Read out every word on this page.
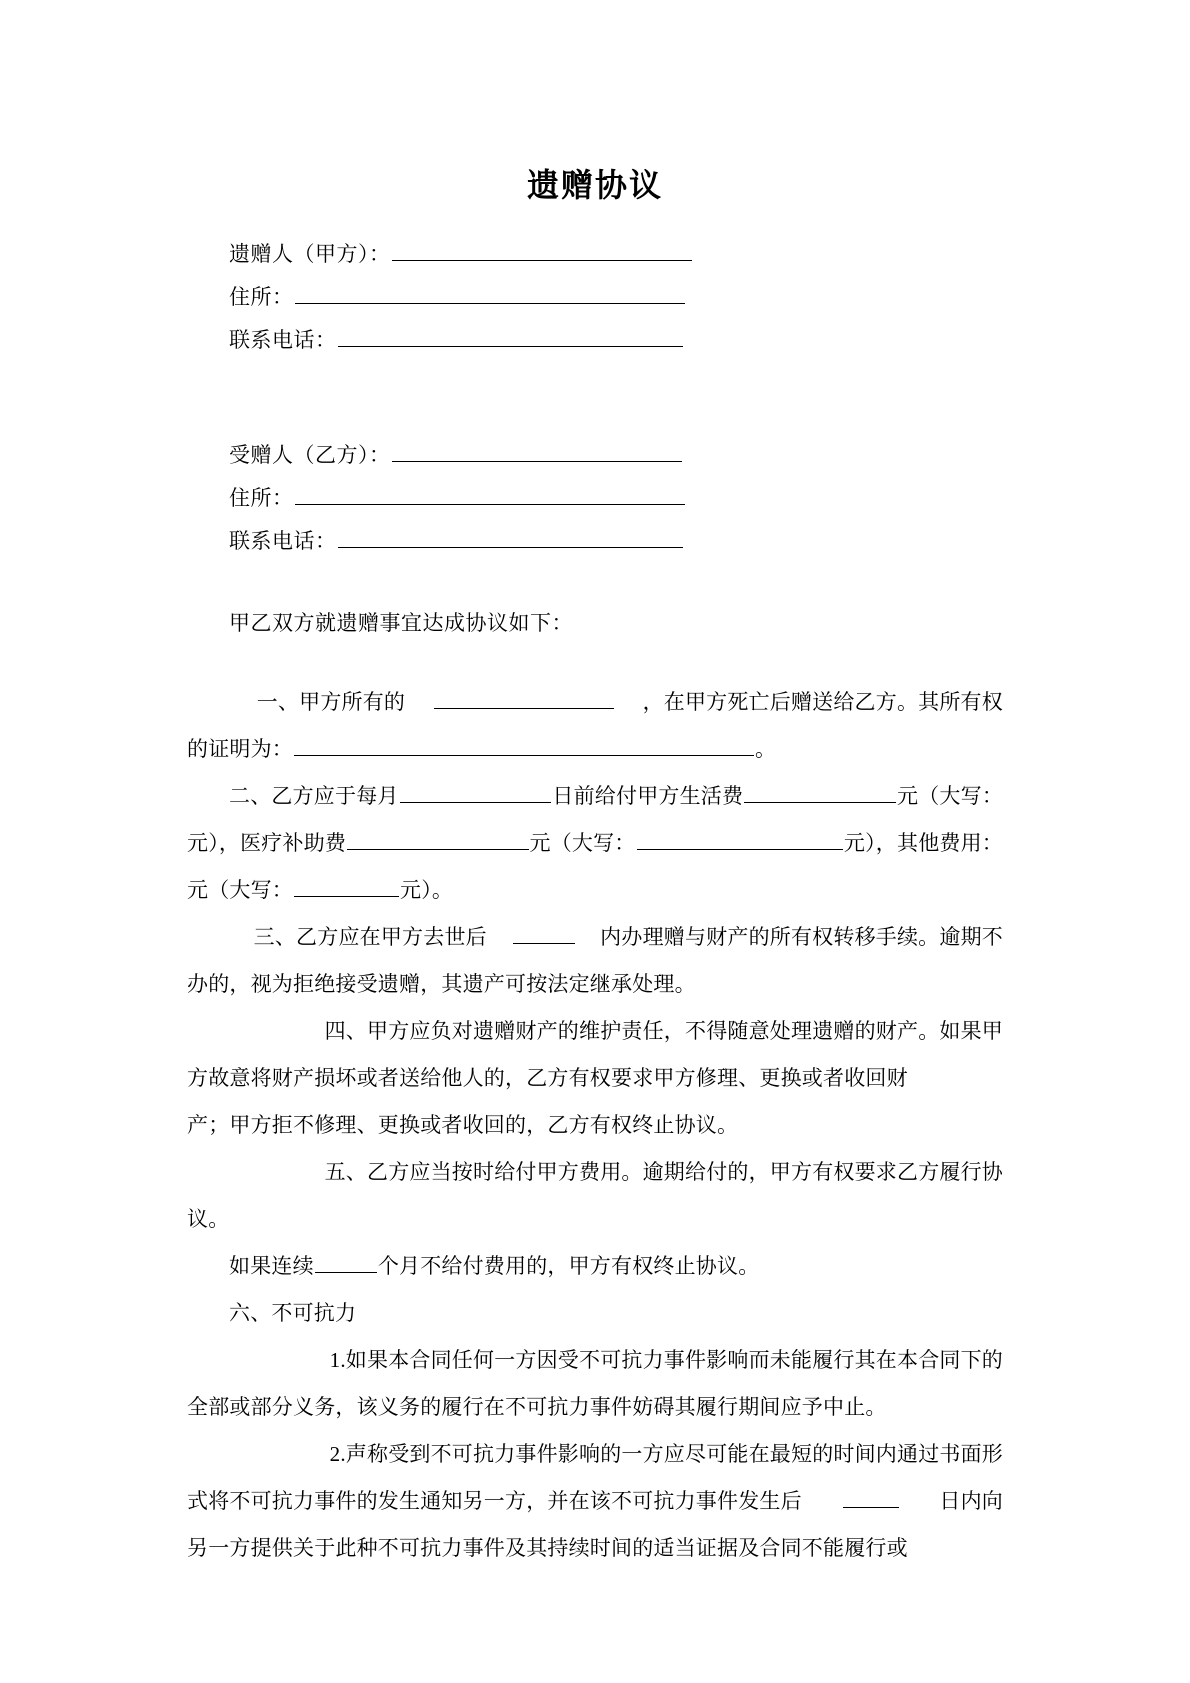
遗赠协议
遗赠人（甲方）：
住所：
联系电话：
受赠人（乙方）：
住所：
联系电话：
甲乙双方就遗赠事宜达成协议如下：
一、甲方所有的	，在甲方死亡后赠送给乙方。其所有权
的证明为：	。
二、乙方应于每月	日前给付甲方生活费	元（大写：
元），医疗补助费	元（大写：	元），其他费用：
元（大写：	元）。
三、乙方应在甲方去世后	内办理赠与财产的所有权转移手续。逾期不
办的，视为拒绝接受遗赠，其遗产可按法定继承处理。
四、甲方应负对遗赠财产的维护责任，不得随意处理遗赠的财产。如果甲
方故意将财产损坏或者送给他人的，乙方有权要求甲方修理、更换或者收回财
产；甲方拒不修理、更换或者收回的，乙方有权终止协议。
五、乙方应当按时给付甲方费用。逾期给付的，甲方有权要求乙方履行协
议。
如果连续	个月不给付费用的，甲方有权终止协议。
六、不可抗力
1.如果本合同任何一方因受不可抗力事件影响而未能履行其在本合同下的
全部或部分义务，该义务的履行在不可抗力事件妨碍其履行期间应予中止。
2.声称受到不可抗力事件影响的一方应尽可能在最短的时间内通过书面形
式将不可抗力事件的发生通知另一方，并在该不可抗力事件发生后	日内向
另一方提供关于此种不可抗力事件及其持续时间的适当证据及合同不能履行或
